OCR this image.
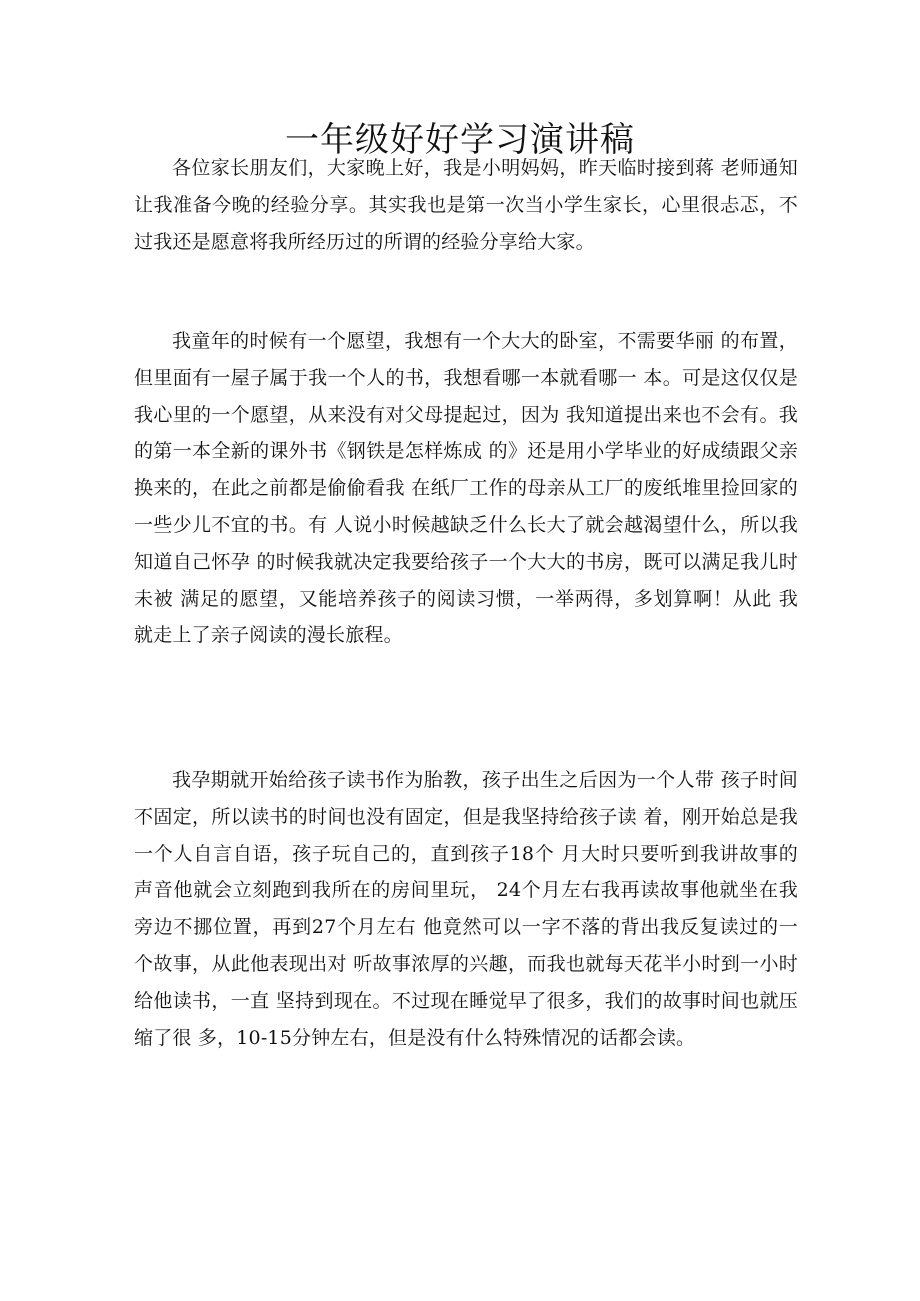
一年级好好学习演讲稿

各位家长朋友们，大家晚上好，我是小明妈妈，昨天临时接到蒋 老师通知让我准备今晚的经验分享。其实我也是第一次当小学生家长，心里很忐忑，不过我还是愿意将我所经历过的所谓的经验分享给大家。

我童年的时候有一个愿望，我想有一个大大的卧室，不需要华丽 的布置，但里面有一屋子属于我一个人的书，我想看哪一本就看哪一 本。可是这仅仅是我心里的一个愿望，从来没有对父母提起过，因为 我知道提出来也不会有。我的第一本全新的课外书《钢铁是怎样炼成 的》还是用小学毕业的好成绩跟父亲换来的，在此之前都是偷偷看我 在纸厂工作的母亲从工厂的废纸堆里捡回家的一些少儿不宜的书。有 人说小时候越缺乏什么长大了就会越渴望什么，所以我知道自己怀孕 的时候我就决定我要给孩子一个大大的书房，既可以满足我儿时未被 满足的愿望，又能培养孩子的阅读习惯，一举两得，多划算啊！从此 我就走上了亲子阅读的漫长旅程。

我孕期就开始给孩子读书作为胎教，孩子出生之后因为一个人带 孩子时间不固定，所以读书的时间也没有固定，但是我坚持给孩子读 着，刚开始总是我一个人自言自语，孩子玩自己的，直到孩子18个 月大时只要听到我讲故事的声音他就会立刻跑到我所在的房间里玩， 24个月左右我再读故事他就坐在我旁边不挪位置，再到27个月左右 他竟然可以一字不落的背出我反复读过的一个故事，从此他表现出对 听故事浓厚的兴趣，而我也就每天花半小时到一小时给他读书，一直 坚持到现在。不过现在睡觉早了很多，我们的故事时间也就压缩了很 多，10-15分钟左右，但是没有什么特殊情况的话都会读。
